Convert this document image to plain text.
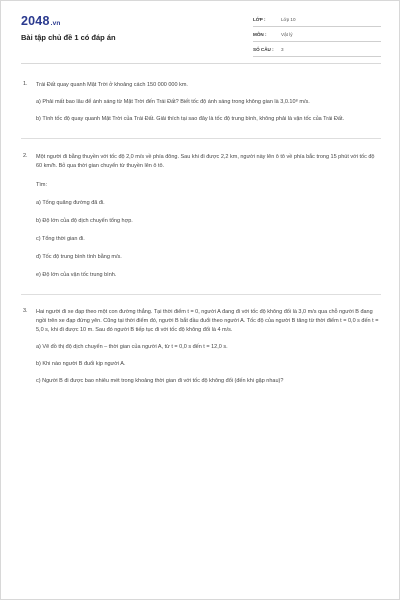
2048.vn
Bài tập chủ đề 1 có đáp án
LỚP :	Lớp 10
MÔN :	Vật lý
SỐ CÂU :	3
1. Trái Đất quay quanh Mặt Trời ở khoảng cách 150 000 000 km.

a) Phải mất bao lâu để ánh sáng từ Mặt Trời đến Trái Đất? Biết tốc độ ánh sáng trong không gian là 3,0.10⁸ m/s.

b) Tính tốc độ quay quanh Mặt Trời của Trái Đất. Giải thích tại sao đây là tốc độ trung bình, không phải là vận tốc của Trái Đất.

2. Một người đi bằng thuyền với tốc độ 2,0 m/s về phía đông. Sau khi đi được 2,2 km, người này lên ô tô về phía bắc trong 15 phút với tốc độ 60 km/h. Bỏ qua thời gian chuyển từ thuyền lên ô tô.

Tìm:

a) Tổng quãng đường đã đi.

b) Độ lớn của độ dịch chuyển tổng hợp.

c) Tổng thời gian đi.

d) Tốc độ trung bình tính bằng m/s.

e) Độ lớn của vận tốc trung bình.

3. Hai người đi xe đạp theo một con đường thẳng. Tại thời điểm t = 0, người A đang đi với tốc độ không đổi là 3,0 m/s qua chỗ người B đang ngồi trên xe đạp đứng yên. Cũng tại thời điểm đó, người B bắt đầu đuổi theo người A. Tốc độ của người B tăng từ thời điểm t = 0,0 s đến t = 5,0 s, khi đi được 10 m. Sau đó người B tiếp tục đi với tốc độ không đổi là 4 m/s.

a) Vẽ đồ thị độ dịch chuyển – thời gian của người A, từ t = 0,0 s đến t = 12,0 s.

b) Khi nào người B đuổi kịp người A.

c) Người B đi được bao nhiêu mét trong khoảng thời gian đi với tốc độ không đổi (đến khi gặp nhau)?
